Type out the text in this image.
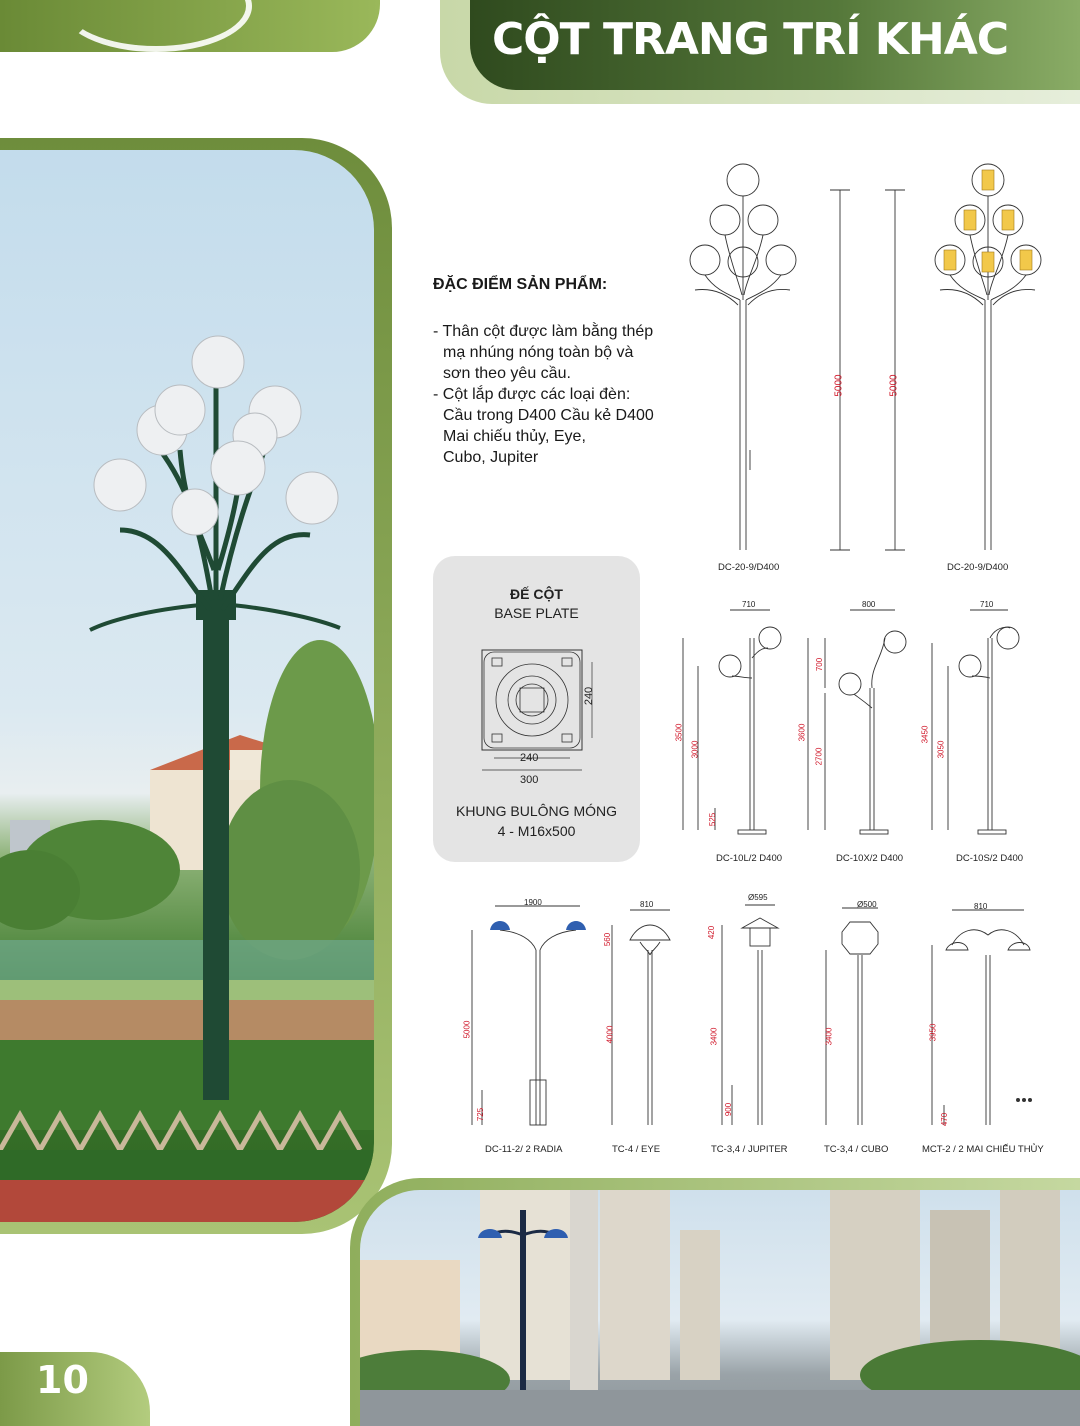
CỘT TRANG TRÍ KHÁC
ĐẶC ĐIỂM SẢN PHẨM:
- Thân cột được làm bằng thép
mạ nhúng nóng toàn bộ và
sơn theo yêu cầu.
- Cột lắp được các loại đèn:
Cầu trong D400 Cầu kẻ D400
Mai chiếu thủy, Eye,
Cubo, Jupiter
ĐẾ CỘT
BASE PLATE
240
240
300
KHUNG BULÔNG MÓNG
4 - M16x500
5000	5000
DC-20-9/D400	DC-20-9/D400
710
3500
3000
525
DC-10L/2 D400
800
3600
700
2700
DC-10X/2 D400
710
3450
3050
DC-10S/2 D400
1900
5000
725
DC-11-2/ 2 RADIA
810
560
4000
TC-4 / EYE
Ø595
420
3400
900
TC-3,4 / JUPITER
Ø500
3400
TC-3,4 / CUBO
810
3950
470
MCT-2 / 2 MAI CHIẾU THỦY
10
